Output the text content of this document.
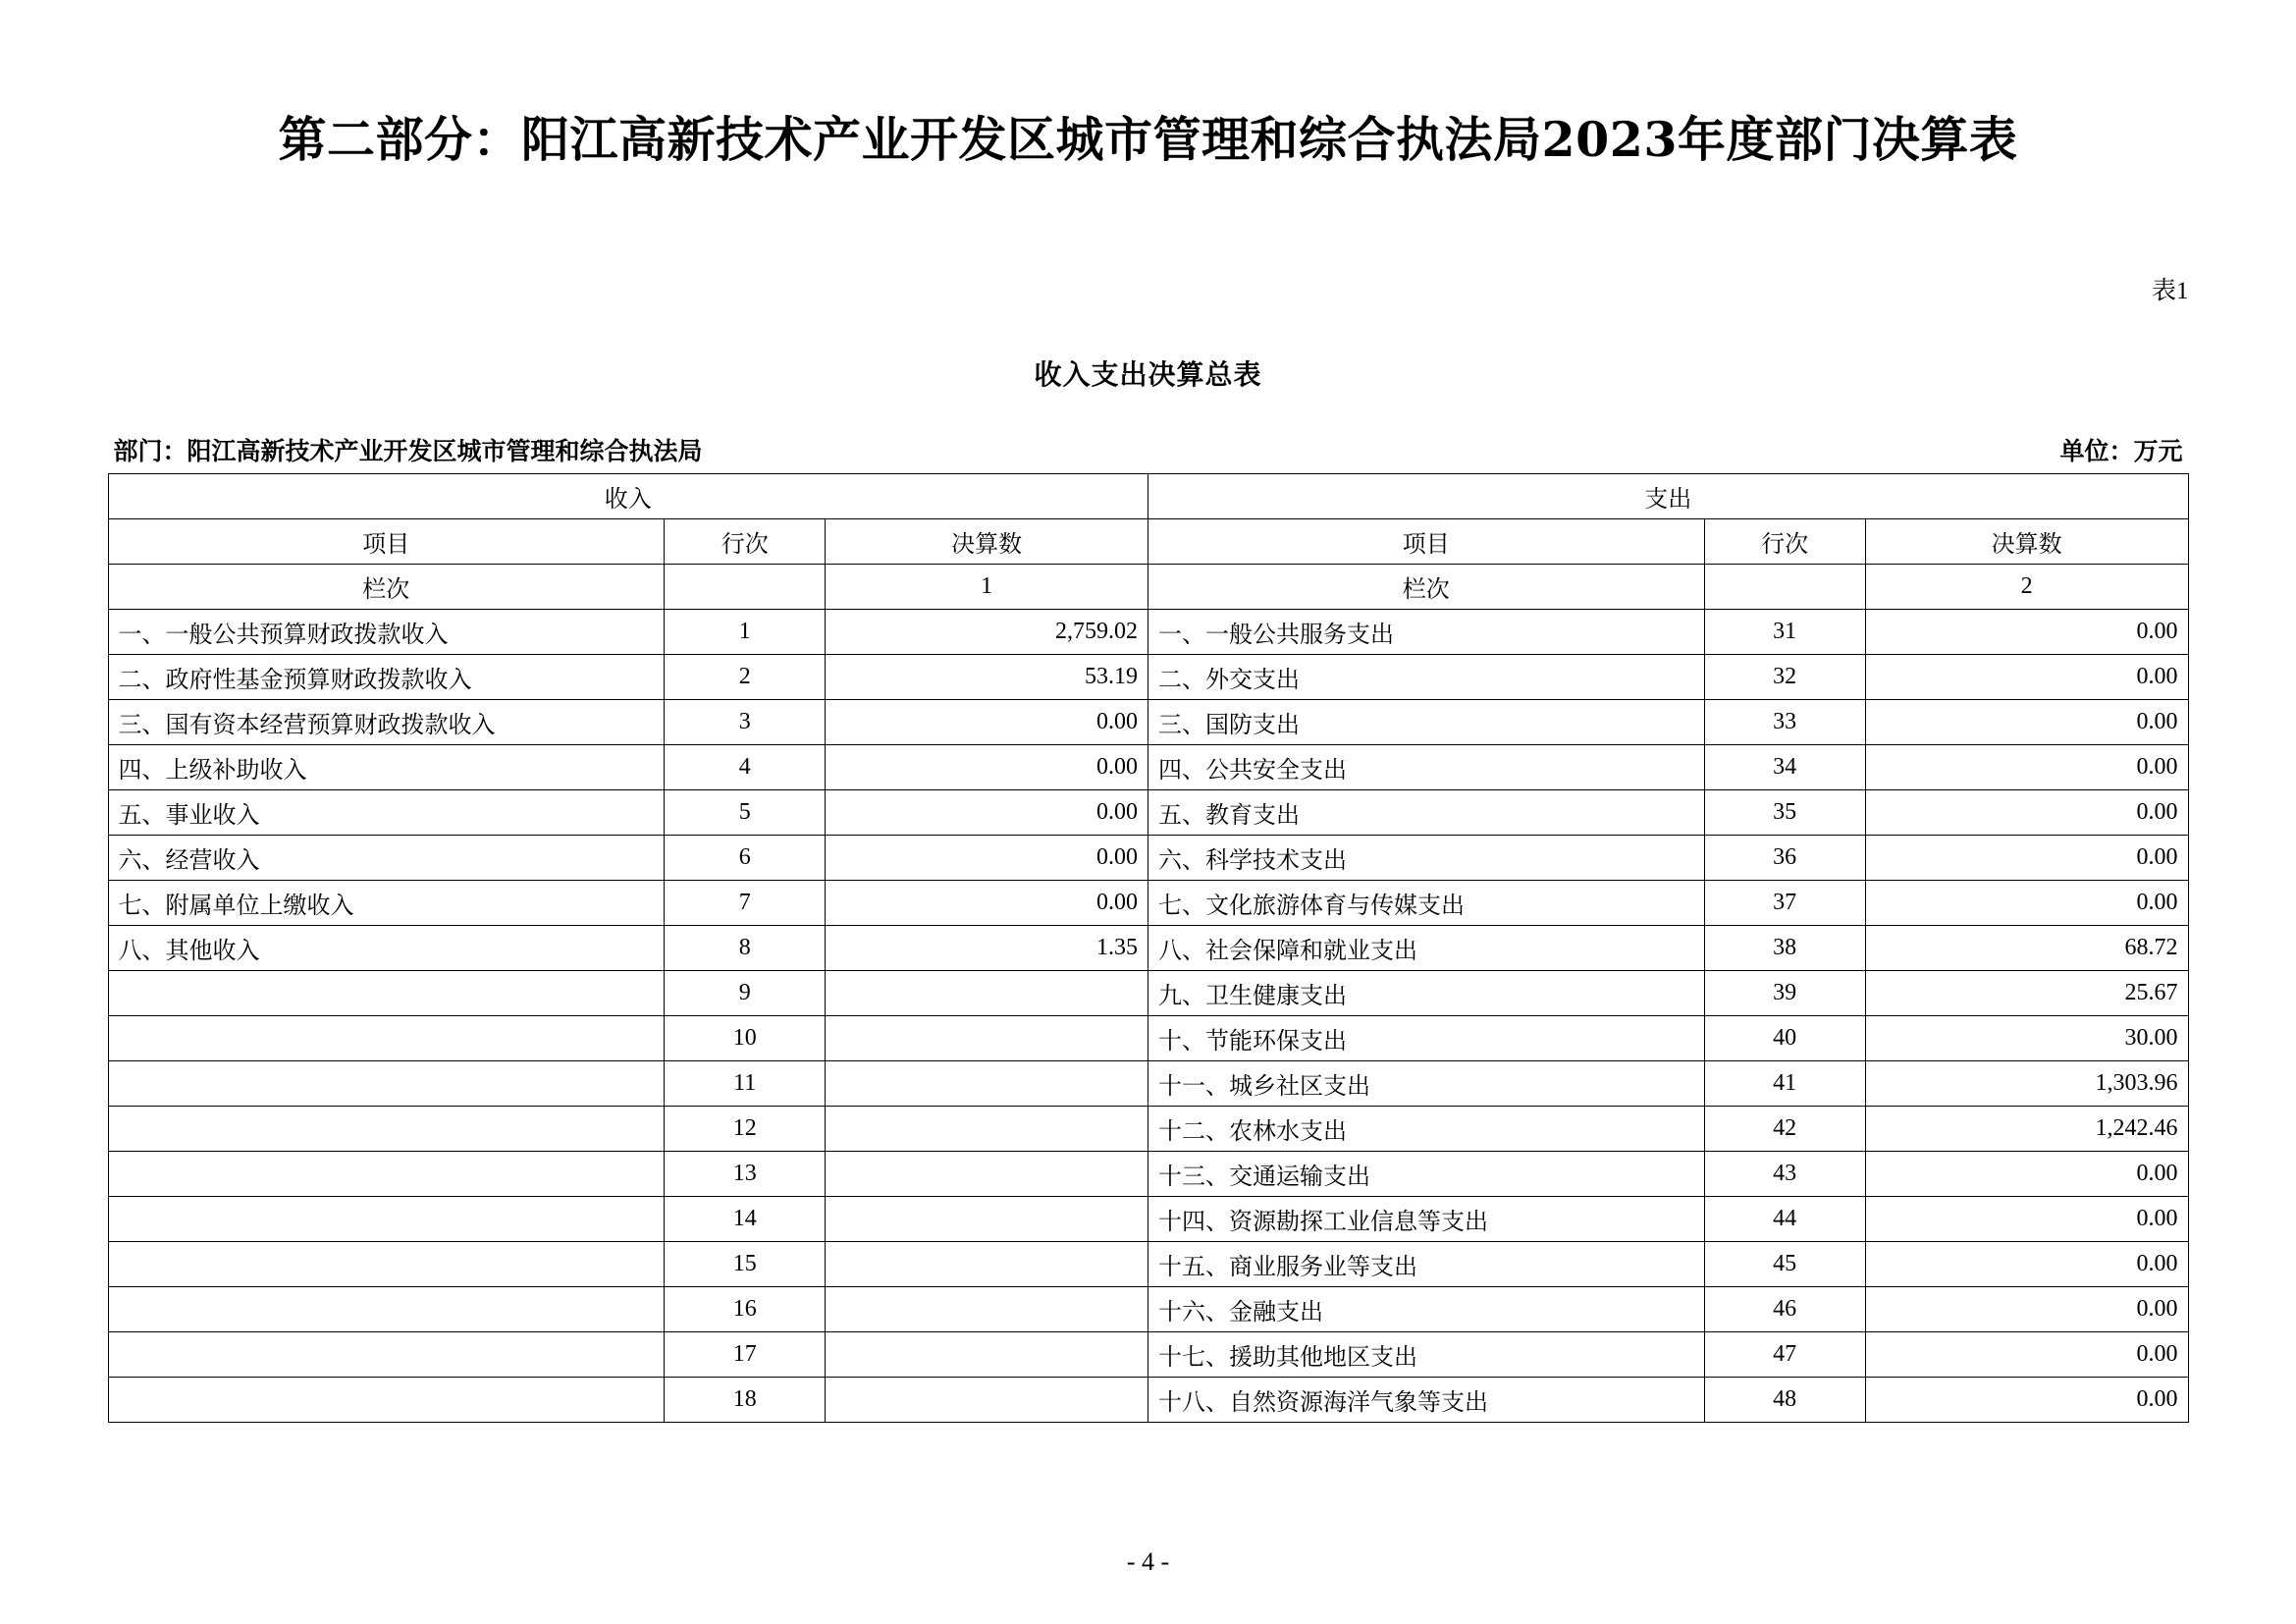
第二部分：阳江高新技术产业开发区城市管理和综合执法局2023年度部门决算表
表1
收入支出决算总表
部门：阳江高新技术产业开发区城市管理和综合执法局	单位：万元
收入			支出		
项目	行次	决算数	项目	行次	决算数
栏次		1	栏次		2
一、一般公共预算财政拨款收入	1	2,759.02	一、一般公共服务支出	31	0.00
二、政府性基金预算财政拨款收入	2	53.19	二、外交支出	32	0.00
三、国有资本经营预算财政拨款收入	3	0.00	三、国防支出	33	0.00
四、上级补助收入	4	0.00	四、公共安全支出	34	0.00
五、事业收入	5	0.00	五、教育支出	35	0.00
六、经营收入	6	0.00	六、科学技术支出	36	0.00
七、附属单位上缴收入	7	0.00	七、文化旅游体育与传媒支出	37	0.00
八、其他收入	8	1.35	八、社会保障和就业支出	38	68.72
	9		九、卫生健康支出	39	25.67
	10		十、节能环保支出	40	30.00
	11		十一、城乡社区支出	41	1,303.96
	12		十二、农林水支出	42	1,242.46
	13		十三、交通运输支出	43	0.00
	14		十四、资源勘探工业信息等支出	44	0.00
	15		十五、商业服务业等支出	45	0.00
	16		十六、金融支出	46	0.00
	17		十七、援助其他地区支出	47	0.00
	18		十八、自然资源海洋气象等支出	48	0.00
- 4 -
